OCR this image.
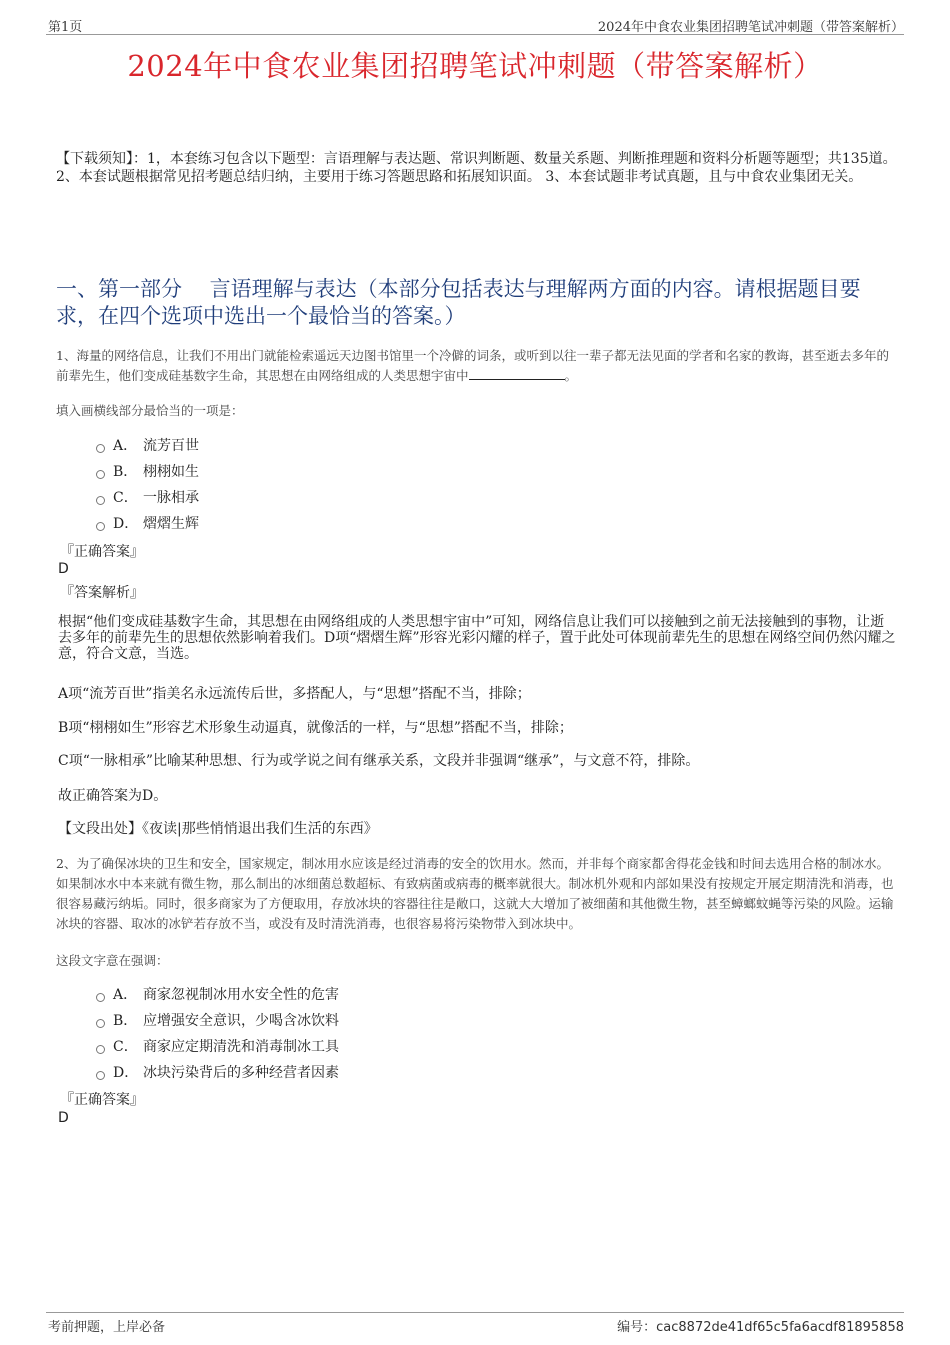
第1页	2024年中食农业集团招聘笔试冲刺题（带答案解析）
2024年中食农业集团招聘笔试冲刺题（带答案解析）
【下载须知】：1，本套练习包含以下题型：言语理解与表达题、常识判断题、数量关系题、判断推理题和资料分析题等题型；共135道。 2、本套试题根据常见招考题总结归纳，主要用于练习答题思路和拓展知识面。 3、本套试题非考试真题，且与中食农业集团无关。
一、第一部分　 言语理解与表达（本部分包括表达与理解两方面的内容。请根据题目要求，在四个选项中选出一个最恰当的答案。）
1、海量的网络信息，让我们不用出门就能检索遥远天边图书馆里一个冷僻的词条，或听到以往一辈子都无法见面的学者和名家的教诲，甚至逝去多年的前辈先生，他们变成硅基数字生命，其思想在由网络组成的人类思想宇宙中	。
填入画横线部分最恰当的一项是：
A． 流芳百世
B． 栩栩如生
C． 一脉相承
D． 熠熠生辉
『正确答案』
D
『答案解析』
根据“他们变成硅基数字生命，其思想在由网络组成的人类思想宇宙中”可知，网络信息让我们可以接触到之前无法接触到的事物，让逝去多年的前辈先生的思想依然影响着我们。D项“熠熠生辉”形容光彩闪耀的样子，置于此处可体现前辈先生的思想在网络空间仍然闪耀之意，符合文意，当选。
A项“流芳百世”指美名永远流传后世，多搭配人，与“思想”搭配不当，排除；
B项“栩栩如生”形容艺术形象生动逼真，就像活的一样，与“思想”搭配不当，排除；
C项“一脉相承”比喻某种思想、行为或学说之间有继承关系，文段并非强调“继承”，与文意不符，排除。
故正确答案为D。
【文段出处】《夜读|那些悄悄退出我们生活的东西》
2、为了确保冰块的卫生和安全，国家规定，制冰用水应该是经过消毒的安全的饮用水。然而，并非每个商家都舍得花金钱和时间去选用合格的制冰水。如果制冰水中本来就有微生物，那么制出的冰细菌总数超标、有致病菌或病毒的概率就很大。制冰机外观和内部如果没有按规定开展定期清洗和消毒，也很容易藏污纳垢。同时，很多商家为了方便取用，存放冰块的容器往往是敞口，这就大大增加了被细菌和其他微生物，甚至蟑螂蚊蝇等污染的风险。运输冰块的容器、取冰的冰铲若存放不当，或没有及时清洗消毒，也很容易将污染物带入到冰块中。
这段文字意在强调：
A． 商家忽视制冰用水安全性的危害
B． 应增强安全意识，少喝含冰饮料
C． 商家应定期清洗和消毒制冰工具
D． 冰块污染背后的多种经营者因素
『正确答案』
D
考前押题，上岸必备	编号：cac8872de41df65c5fa6acdf81895858
